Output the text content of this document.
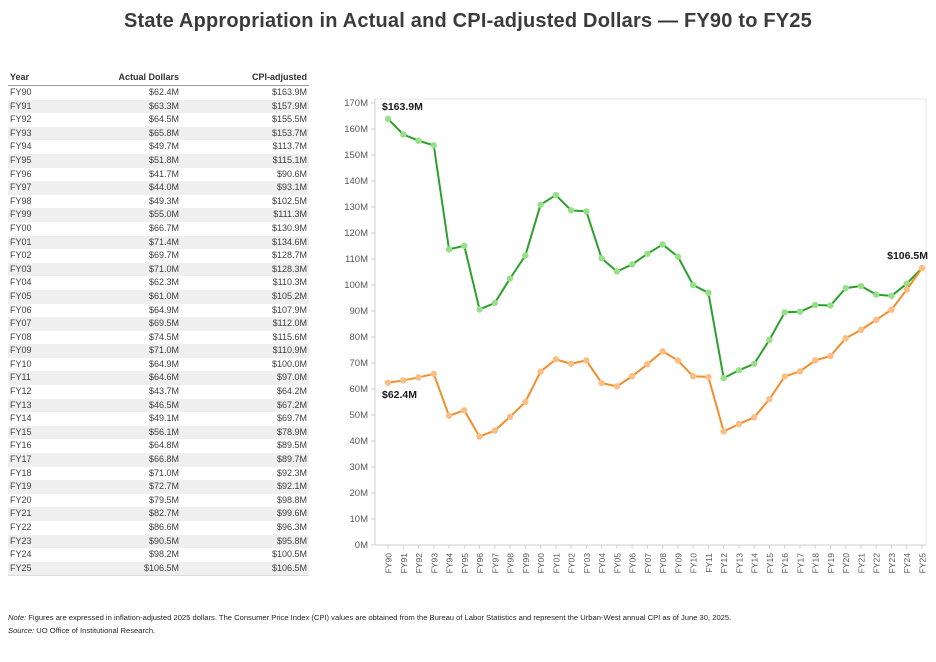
State Appropriation in Actual and CPI-adjusted Dollars — FY90 to FY25
Year	Actual Dollars	CPI-adjusted
FY90	$62.4M	$163.9M
FY91	$63.3M	$157.9M
FY92	$64.5M	$155.5M
FY93	$65.8M	$153.7M
FY94	$49.7M	$113.7M
FY95	$51.8M	$115.1M
FY96	$41.7M	$90.6M
FY97	$44.0M	$93.1M
FY98	$49.3M	$102.5M
FY99	$55.0M	$111.3M
FY00	$66.7M	$130.9M
FY01	$71.4M	$134.6M
FY02	$69.7M	$128.7M
FY03	$71.0M	$128.3M
FY04	$62.3M	$110.3M
FY05	$61.0M	$105.2M
FY06	$64.9M	$107.9M
FY07	$69.5M	$112.0M
FY08	$74.5M	$115.6M
FY09	$71.0M	$110.9M
FY10	$64.9M	$100.0M
FY11	$64.6M	$97.0M
FY12	$43.7M	$64.2M
FY13	$46.5M	$67.2M
FY14	$49.1M	$69.7M
FY15	$56.1M	$78.9M
FY16	$64.8M	$89.5M
FY17	$66.8M	$89.7M
FY18	$71.0M	$92.3M
FY19	$72.7M	$92.1M
FY20	$79.5M	$98.8M
FY21	$82.7M	$99.6M
FY22	$86.6M	$96.3M
FY23	$90.5M	$95.8M
FY24	$98.2M	$100.5M
FY25	$106.5M	$106.5M
0M
10M
20M
30M
40M
50M
60M
70M
80M
90M
100M
110M
120M
130M
140M
150M
160M
170M
FY90 FY91 FY92 FY93 FY94 FY95 FY96 FY97 FY98 FY99 FY00 FY01 FY02 FY03 FY04 FY05 FY06 FY07 FY08 FY09 FY10 FY11 FY12 FY13 FY14 FY15 FY16 FY17 FY18 FY19 FY20 FY21 FY22 FY23 FY24 FY25
$163.9M
$62.4M
$106.5M
Note: Figures are expressed in inflation-adjusted 2025 dollars. The Consumer Price Index (CPI) values are obtained from the Bureau of Labor Statistics and represent the Urban-West annual CPI as of June 30, 2025.
Source: UO Office of Institutional Research.
